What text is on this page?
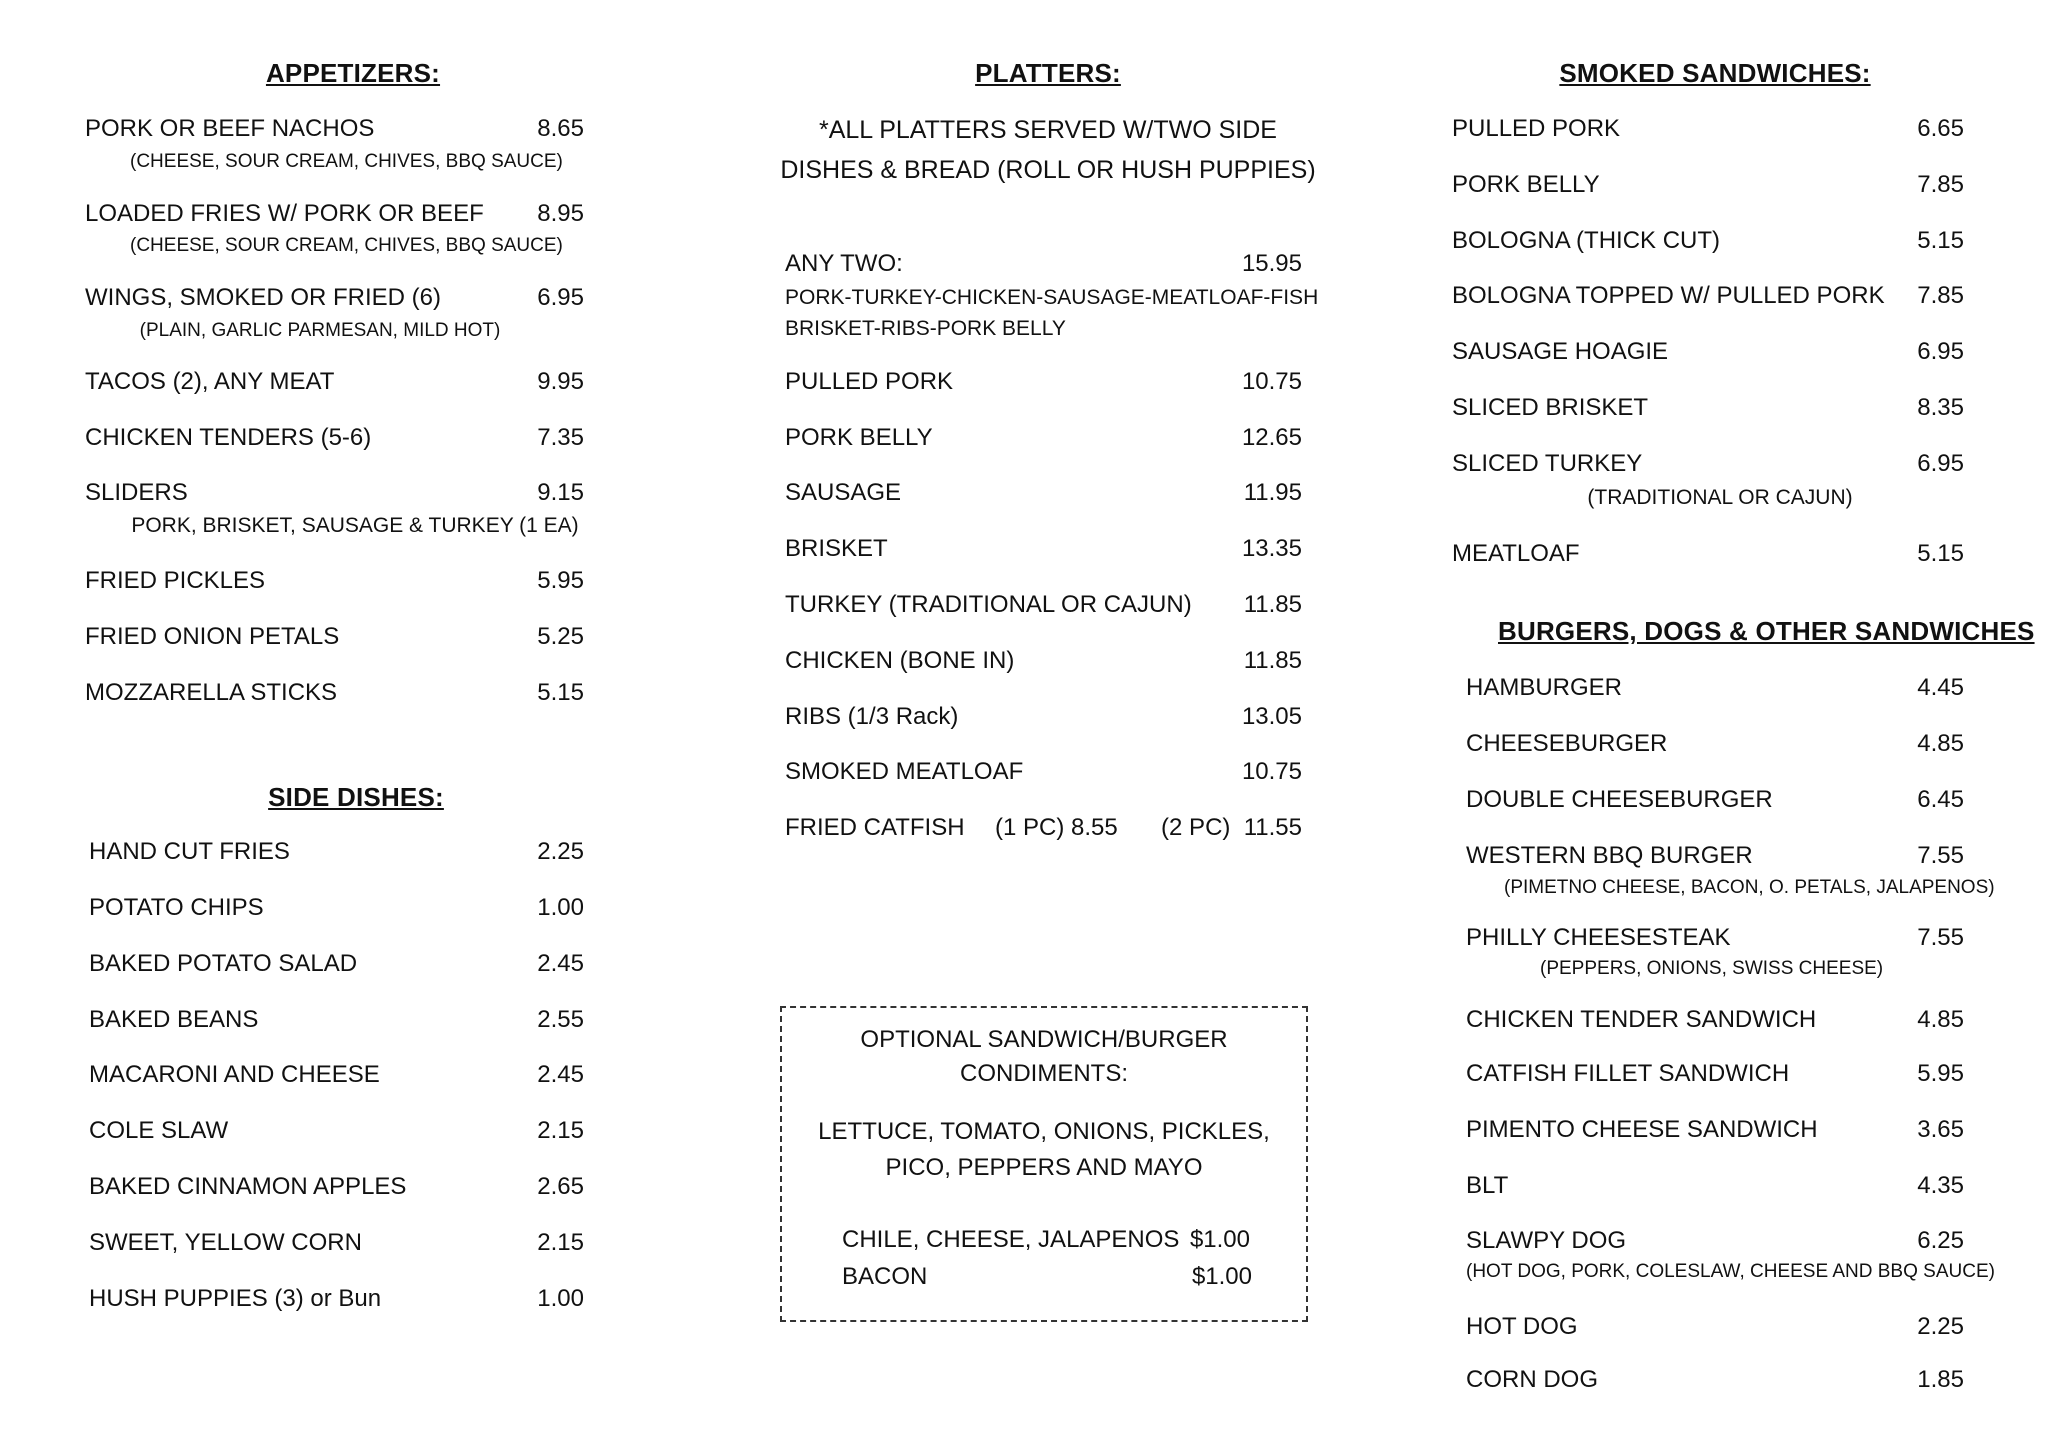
APPETIZERS:
PORK OR BEEF NACHOS	8.65
(CHEESE, SOUR CREAM, CHIVES, BBQ SAUCE)
LOADED FRIES W/ PORK OR BEEF	8.95
(CHEESE, SOUR CREAM, CHIVES, BBQ SAUCE)
WINGS, SMOKED OR FRIED (6)	6.95
(PLAIN, GARLIC PARMESAN, MILD HOT)
TACOS (2), ANY MEAT	9.95
CHICKEN TENDERS (5-6)	7.35
SLIDERS	9.15
PORK, BRISKET, SAUSAGE & TURKEY (1 EA)
FRIED PICKLES	5.95
FRIED ONION PETALS	5.25
MOZZARELLA STICKS	5.15
SIDE DISHES:
HAND CUT FRIES	2.25
POTATO CHIPS	1.00
BAKED POTATO SALAD	2.45
BAKED BEANS	2.55
MACARONI AND CHEESE	2.45
COLE SLAW	2.15
BAKED CINNAMON APPLES	2.65
SWEET, YELLOW CORN	2.15
HUSH PUPPIES (3) or Bun	1.00
PLATTERS:
*ALL PLATTERS SERVED W/TWO SIDE
DISHES & BREAD (ROLL OR HUSH PUPPIES)
ANY TWO:	15.95
PORK-TURKEY-CHICKEN-SAUSAGE-MEATLOAF-FISH
BRISKET-RIBS-PORK BELLY
PULLED PORK	10.75
PORK BELLY	12.65
SAUSAGE	11.95
BRISKET	13.35
TURKEY (TRADITIONAL OR CAJUN)	11.85
CHICKEN (BONE IN)	11.85
RIBS (1/3 Rack)	13.05
SMOKED MEATLOAF	10.75
FRIED CATFISH (1 PC) 8.55	(2 PC)  11.55
OPTIONAL SANDWICH/BURGER
CONDIMENTS:
LETTUCE, TOMATO, ONIONS, PICKLES,
PICO, PEPPERS AND MAYO
CHILE, CHEESE, JALAPENOS $1.00
BACON	$1.00
SMOKED SANDWICHES:
PULLED PORK	6.65
PORK BELLY	7.85
BOLOGNA (THICK CUT)	5.15
BOLOGNA TOPPED W/ PULLED PORK	7.85
SAUSAGE HOAGIE	6.95
SLICED BRISKET	8.35
SLICED TURKEY	6.95
(TRADITIONAL OR CAJUN)
MEATLOAF	5.15
BURGERS, DOGS & OTHER SANDWICHES
HAMBURGER	4.45
CHEESEBURGER	4.85
DOUBLE CHEESEBURGER	6.45
WESTERN BBQ BURGER	7.55
(PIMETNO CHEESE, BACON, O. PETALS, JALAPENOS)
PHILLY CHEESESTEAK	7.55
(PEPPERS, ONIONS, SWISS CHEESE)
CHICKEN TENDER SANDWICH	4.85
CATFISH FILLET SANDWICH	5.95
PIMENTO CHEESE SANDWICH	3.65
BLT	4.35
SLAWPY DOG	6.25
(HOT DOG, PORK, COLESLAW, CHEESE AND BBQ SAUCE)
HOT DOG	2.25
CORN DOG	1.85
